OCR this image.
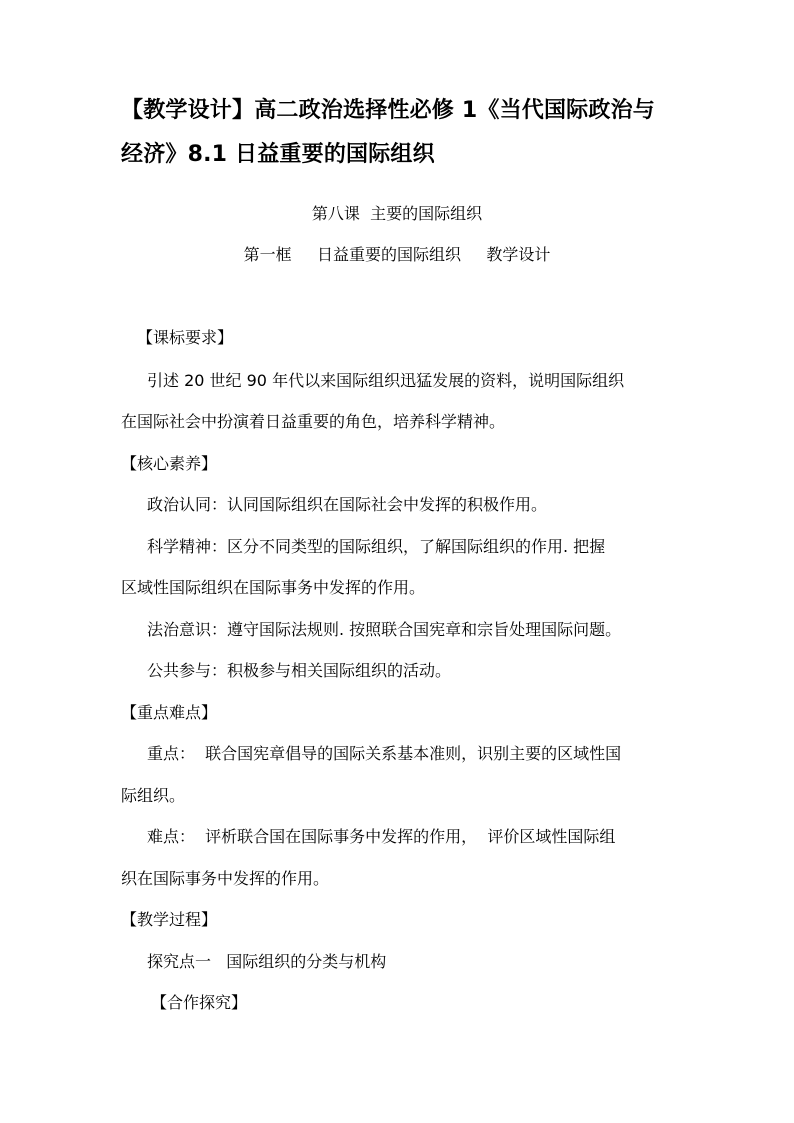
【教学设计】高二政治选择性必修 1《当代国际政治与
经济》8.1 日益重要的国际组织
第八课  主要的国际组织
第一框     日益重要的国际组织     教学设计
【课标要求】
引述 20 世纪 90 年代以来国际组织迅猛发展的资料，说明国际组织
在国际社会中扮演着日益重要的角色，培养科学精神。
【核心素养】
政治认同：认同国际组织在国际社会中发挥的积极作用。
科学精神：区分不同类型的国际组织，了解国际组织的作用. 把握
区域性国际组织在国际事务中发挥的作用。
法治意识：遵守国际法规则. 按照联合国宪章和宗旨处理国际问题。
公共参与：积极参与相关国际组织的活动。
【重点难点】
重点：  联合国宪章倡导的国际关系基本准则，识别主要的区域性国
际组织。
难点：  评析联合国在国际事务中发挥的作用，  评价区域性国际组
织在国际事务中发挥的作用。
【教学过程】
探究点一   国际组织的分类与机构
【合作探究】
